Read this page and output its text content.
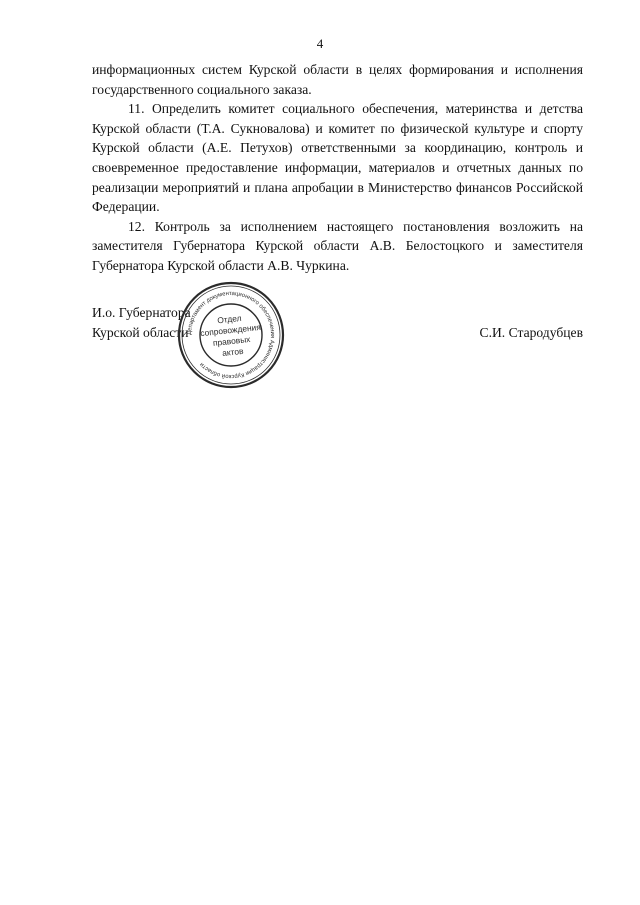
4

информационных систем Курской области в целях формирования и исполнения государственного социального заказа.

11. Определить комитет социального обеспечения, материнства и детства Курской области (Т.А. Сукновалова) и комитет по физической культуре и спорту Курской области (А.Е. Петухов) ответственными за координацию, контроль и своевременное предоставление информации, материалов и отчетных данных по реализации мероприятий и плана апробации в Министерство финансов Российской Федерации.

12. Контроль за исполнением настоящего постановления возложить на заместителя Губернатора Курской области А.В. Белостоцкого и заместителя Губернатора Курской области А.В. Чуркина.

И.о. Губернатора
Курской области	С.И. Стародубцев
Департамент документационного обеспечения Администрации Курской области
Отдел
сопровождения
правовых
актов
